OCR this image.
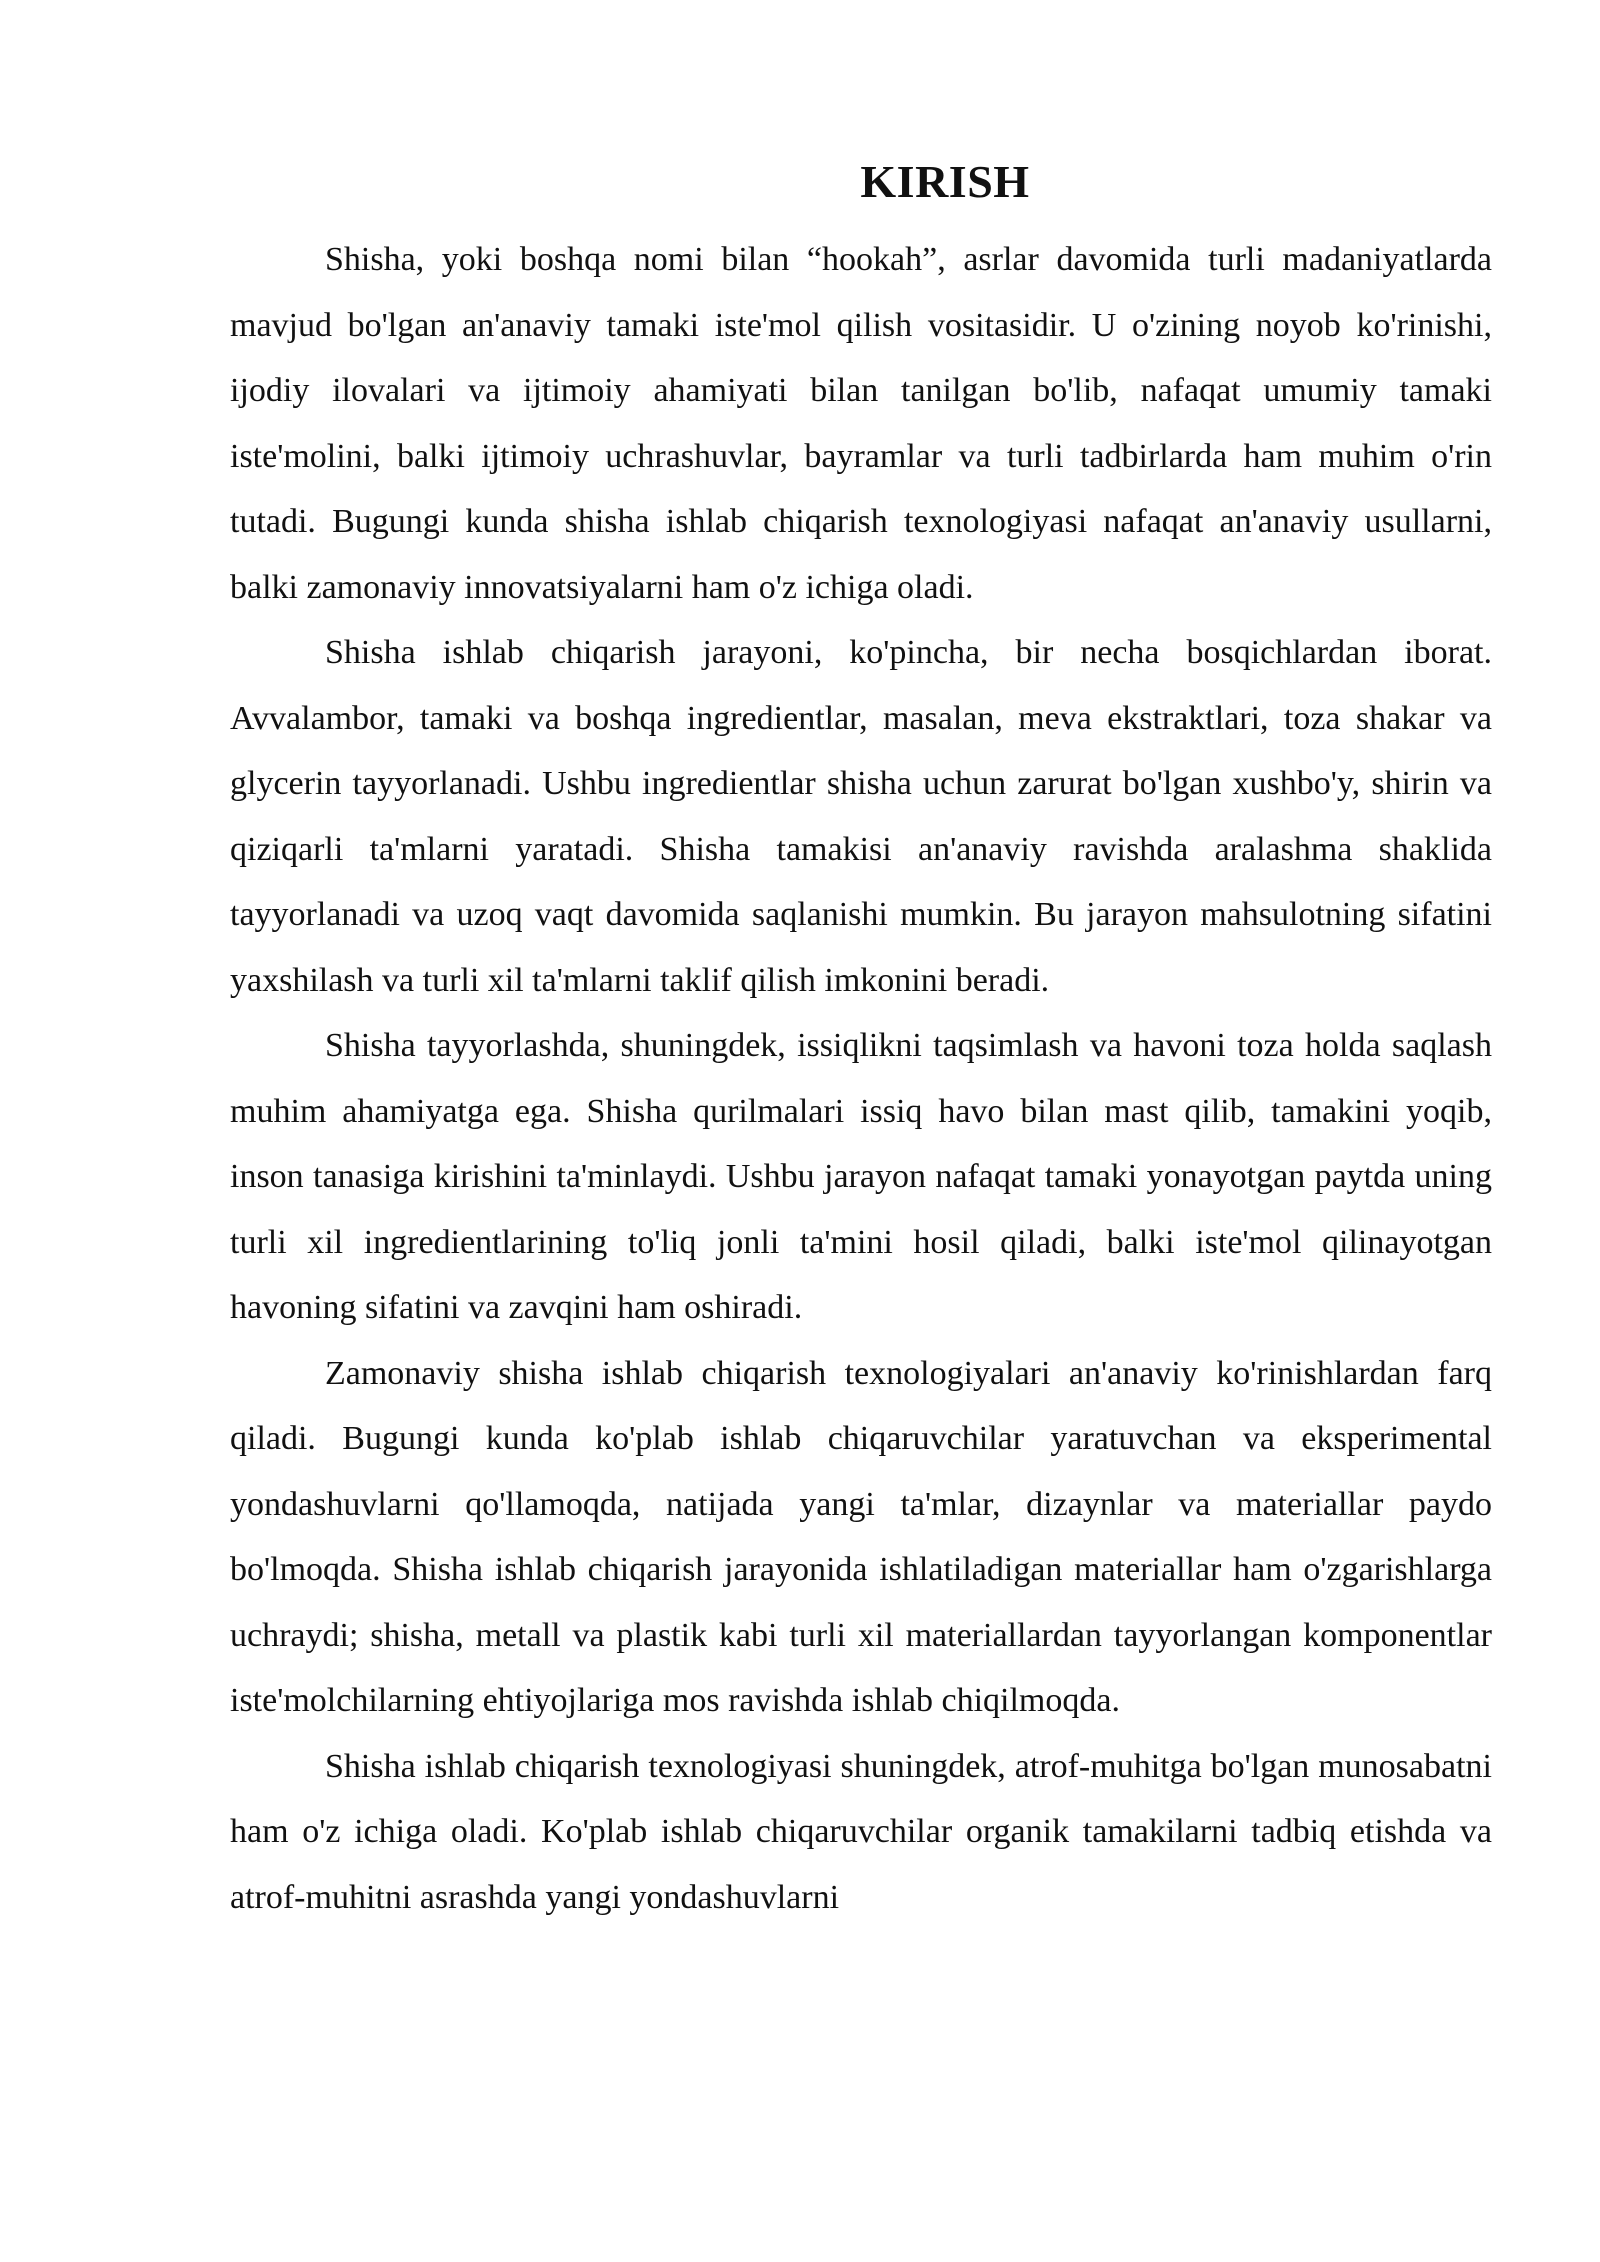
KIRISH

Shisha, yoki boshqa nomi bilan “hookah”, asrlar davomida turli madaniyatlarda mavjud bo'lgan an'anaviy tamaki iste'mol qilish vositasidir. U o'zining noyob ko'rinishi, ijodiy ilovalari va ijtimoiy ahamiyati bilan tanilgan bo'lib, nafaqat umumiy tamaki iste'molini, balki ijtimoiy uchrashuvlar, bayramlar va turli tadbirlarda ham muhim o'rin tutadi. Bugungi kunda shisha ishlab chiqarish texnologiyasi nafaqat an'anaviy usullarni, balki zamonaviy innovatsiyalarni ham o'z ichiga oladi.

Shisha ishlab chiqarish jarayoni, ko'pincha, bir necha bosqichlardan iborat. Avvalambor, tamaki va boshqa ingredientlar, masalan, meva ekstraktlari, toza shakar va glycerin tayyorlanadi. Ushbu ingredientlar shisha uchun zarurat bo'lgan xushbo'y, shirin va qiziqarli ta'mlarni yaratadi. Shisha tamakisi an'anaviy ravishda aralashma shaklida tayyorlanadi va uzoq vaqt davomida saqlanishi mumkin. Bu jarayon mahsulotning sifatini yaxshilash va turli xil ta'mlarni taklif qilish imkonini beradi.

Shisha tayyorlashda, shuningdek, issiqlikni taqsimlash va havoni toza holda saqlash muhim ahamiyatga ega. Shisha qurilmalari issiq havo bilan mast qilib, tamakini yoqib, inson tanasiga kirishini ta'minlaydi. Ushbu jarayon nafaqat tamaki yonayotgan paytda uning turli xil ingredientlarining to'liq jonli ta'mini hosil qiladi, balki iste'mol qilinayotgan havoning sifatini va zavqini ham oshiradi.

Zamonaviy shisha ishlab chiqarish texnologiyalari an'anaviy ko'rinishlardan farq qiladi. Bugungi kunda ko'plab ishlab chiqaruvchilar yaratuvchan va eksperimental yondashuvlarni qo'llamoqda, natijada yangi ta'mlar, dizaynlar va materiallar paydo bo'lmoqda. Shisha ishlab chiqarish jarayonida ishlatiladigan materiallar ham o'zgarishlarga uchraydi; shisha, metall va plastik kabi turli xil materiallardan tayyorlangan komponentlar iste'molchilarning ehtiyojlariga mos ravishda ishlab chiqilmoqda.

Shisha ishlab chiqarish texnologiyasi shuningdek, atrof-muhitga bo'lgan munosabatni ham o'z ichiga oladi. Ko'plab ishlab chiqaruvchilar organik tamakilarni tadbiq etishda va atrof-muhitni asrashda yangi yondashuvlarni
